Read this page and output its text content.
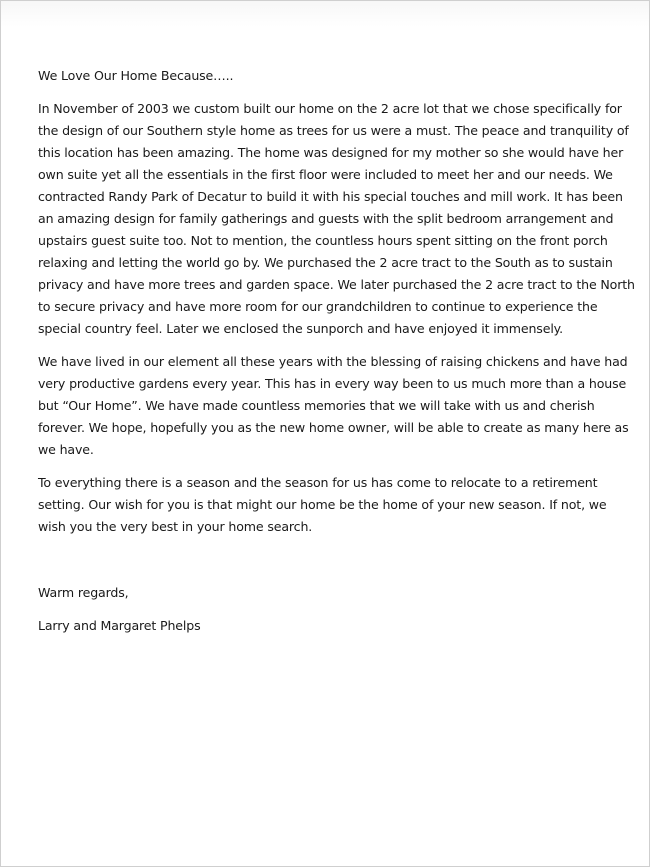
We Love Our Home Because…..

In November of 2003 we custom built our home on the 2 acre lot that we chose specifically for the design of our Southern style home as trees for us were a must. The peace and tranquility of this location has been amazing. The home was designed for my mother so she would have her own suite yet all the essentials in the first floor were included to meet her and our needs. We contracted Randy Park of Decatur to build it with his special touches and mill work. It has been an amazing design for family gatherings and guests with the split bedroom arrangement and upstairs guest suite too. Not to mention, the countless hours spent sitting on the front porch relaxing and letting the world go by. We purchased the 2 acre tract to the South as to sustain privacy and have more trees and garden space. We later purchased the 2 acre tract to the North to secure privacy and have more room for our grandchildren to continue to experience the special country feel. Later we enclosed the sunporch and have enjoyed it immensely.

We have lived in our element all these years with the blessing of raising chickens and have had very productive gardens every year. This has in every way been to us much more than a house but “Our Home”. We have made countless memories that we will take with us and cherish forever. We hope, hopefully you as the new home owner, will be able to create as many here as we have.

To everything there is a season and the season for us has come to relocate to a retirement setting. Our wish for you is that might our home be the home of your new season. If not, we wish you the very best in your home search.

Warm regards,

Larry and Margaret Phelps
